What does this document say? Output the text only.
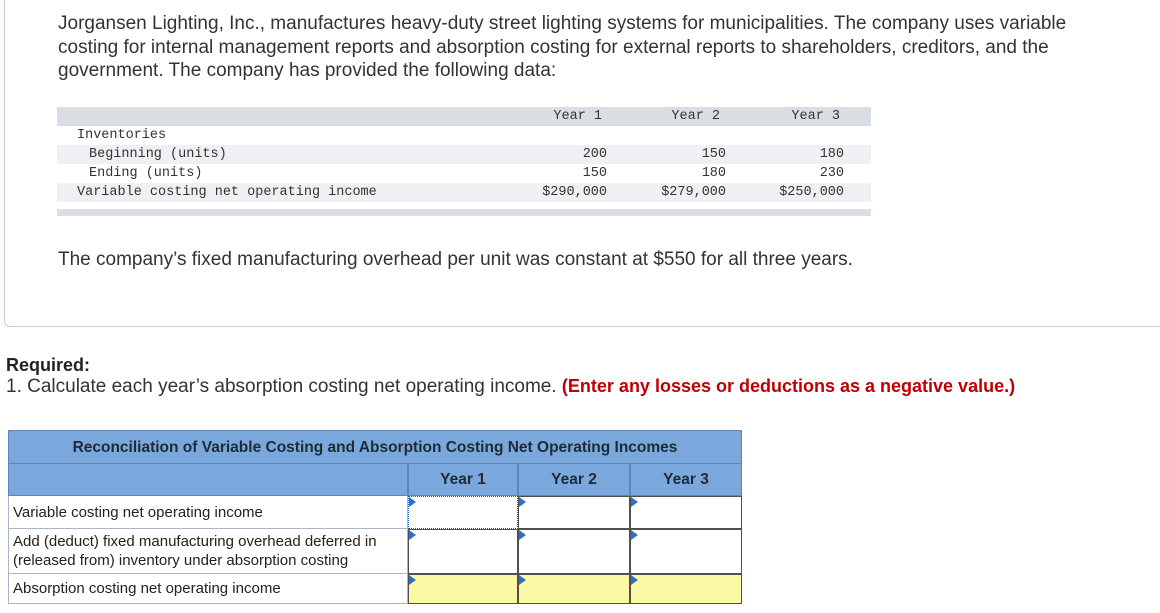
Jorgansen Lighting, Inc., manufactures heavy-duty street lighting systems for municipalities. The company uses variable costing for internal management reports and absorption costing for external reports to shareholders, creditors, and the government. The company has provided the following data:
Year 1	Year 2	Year 3
Inventories
Beginning (units)	200	150	180
Ending (units)	150	180	230
Variable costing net operating income	$290,000	$279,000	$250,000
The company’s fixed manufacturing overhead per unit was constant at $550 for all three years.
Required:
1. Calculate each year’s absorption costing net operating income. (Enter any losses or deductions as a negative value.)
Reconciliation of Variable Costing and Absorption Costing Net Operating Incomes
Year 1	Year 2	Year 3
Variable costing net operating income
Add (deduct) fixed manufacturing overhead deferred in (released from) inventory under absorption costing
Absorption costing net operating income
